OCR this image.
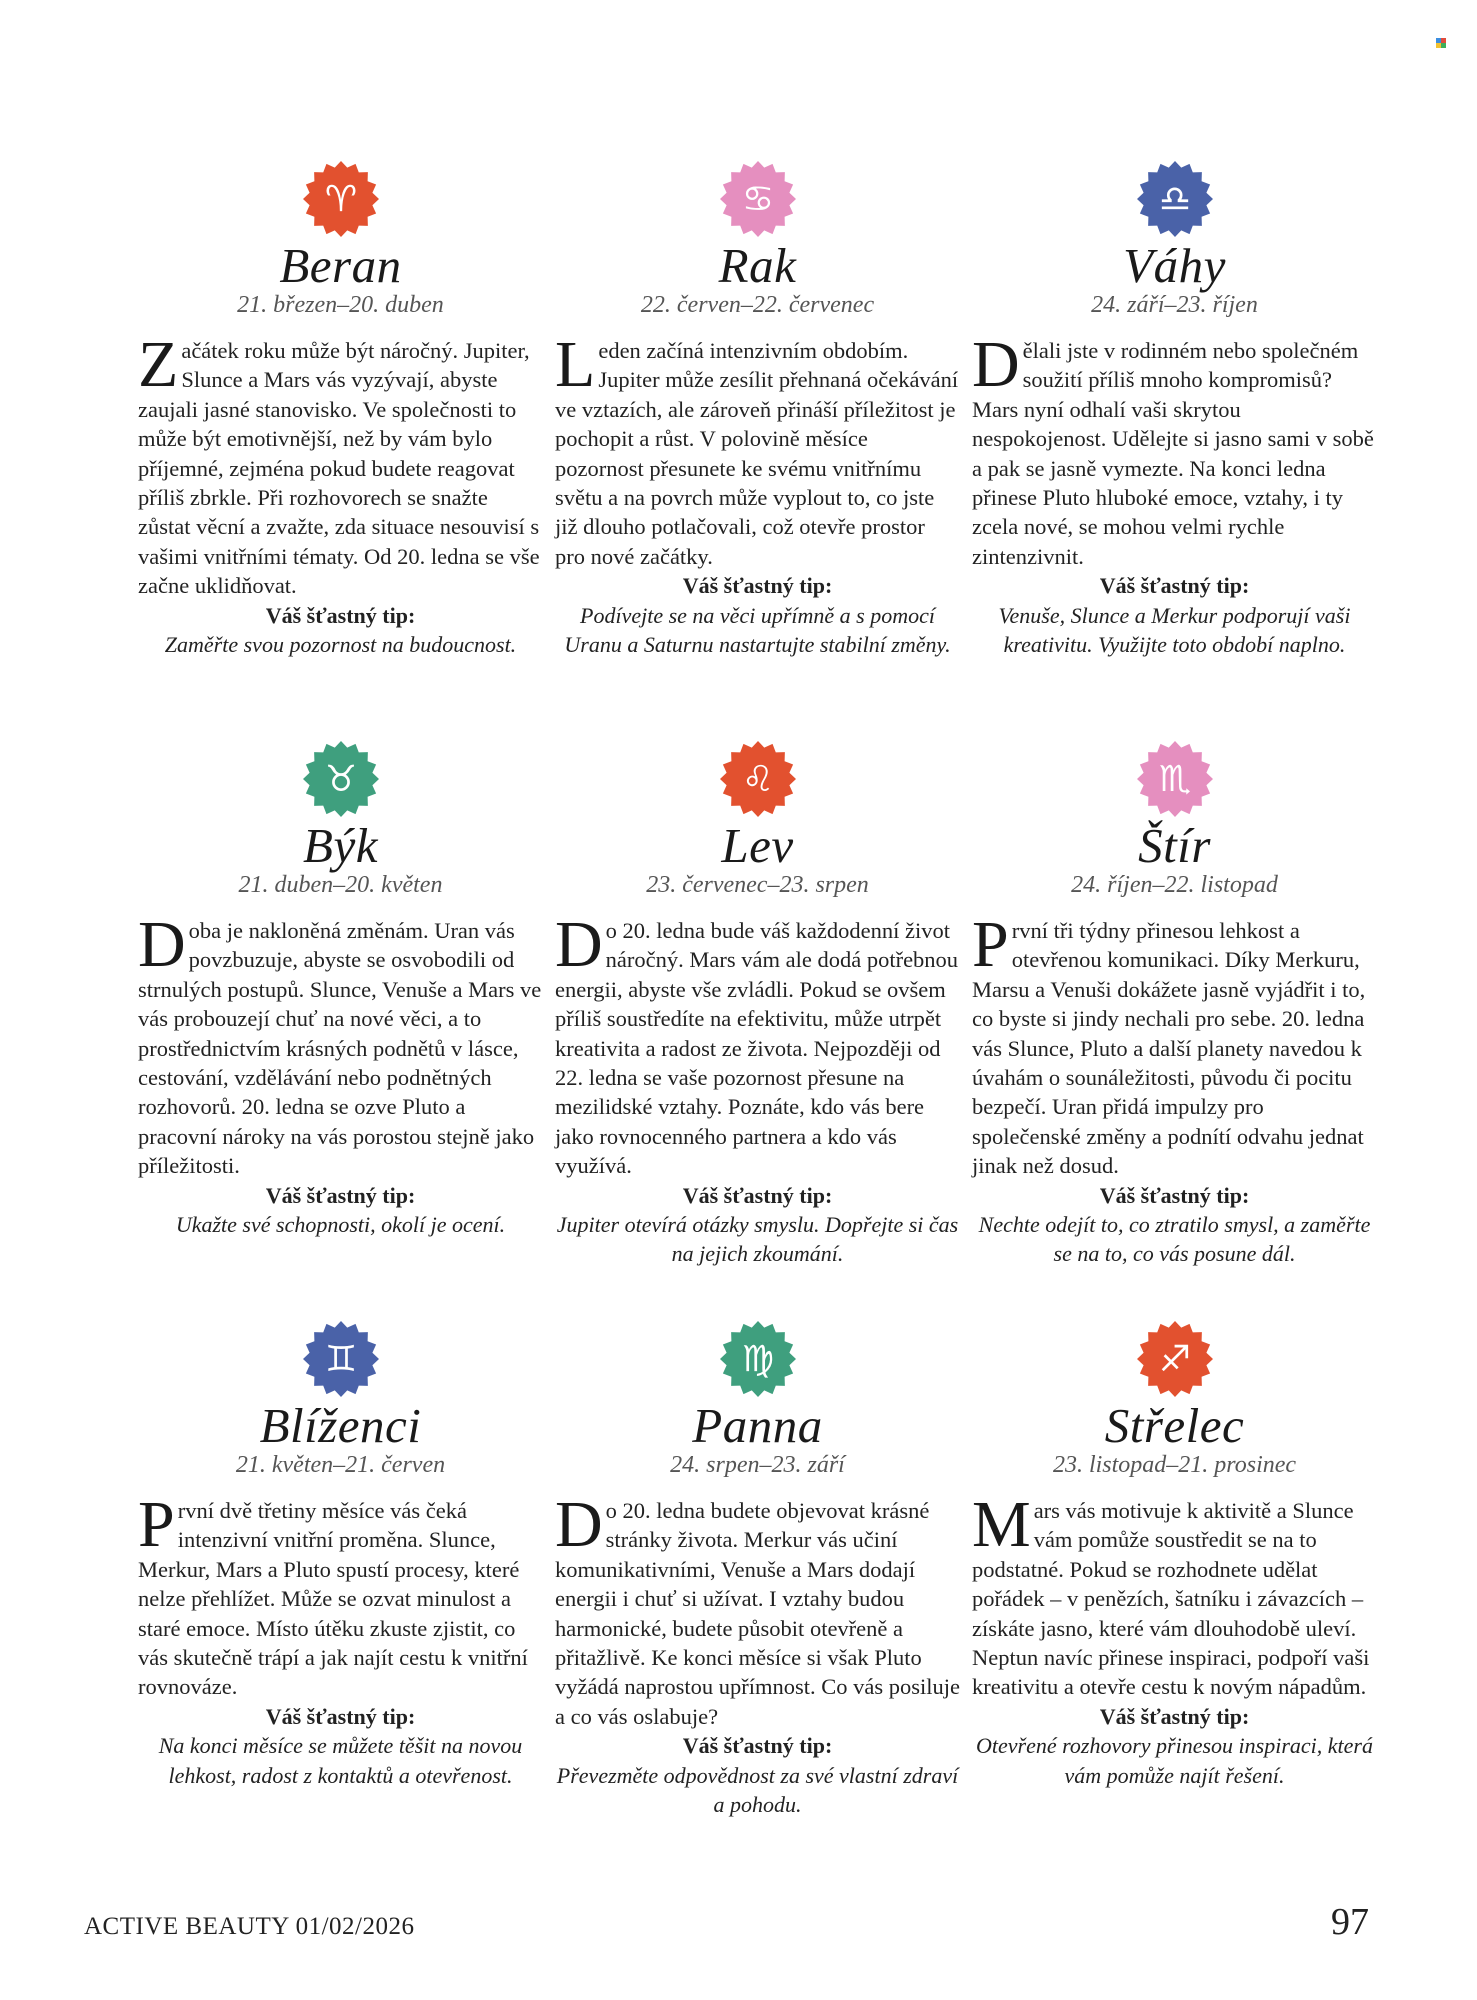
♈
Beran
21. březen–20. duben

Začátek roku může být náročný. Jupiter, Slunce a Mars vás vyzývají, abyste zaujali jasné stanovisko. Ve společnosti to může být emotivnější, než by vám bylo příjemné, zejména pokud budete reagovat příliš zbrkle. Při rozhovorech se snažte zůstat věcní a zvažte, zda situace nesouvisí s vašimi vnitřními tématy. Od 20. ledna se vše začne uklidňovat.

Váš šťastný tip:
Zaměřte svou pozornost na budoucnost.
♋
Rak
22. červen–22. červenec

Leden začíná intenzivním obdobím. Jupiter může zesílit přehnaná očekávání ve vztazích, ale zároveň přináší příležitost je pochopit a růst. V polovině měsíce pozornost přesunete ke svému vnitřnímu světu a na povrch může vyplout to, co jste již dlouho potlačovali, což otevře prostor pro nové začátky.

Váš šťastný tip:
Podívejte se na věci upřímně a s pomocí Uranu a Saturnu nastartujte stabilní změny.
♎
Váhy
24. září–23. říjen

Dělali jste v rodinném nebo společném soužití příliš mnoho kompromisů? Mars nyní odhalí vaši skrytou nespokojenost. Udělejte si jasno sami v sobě a pak se jasně vymezte. Na konci ledna přinese Pluto hluboké emoce, vztahy, i ty zcela nové, se mohou velmi rychle zintenzivnit.

Váš šťastný tip:
Venuše, Slunce a Merkur podporují vaši kreativitu. Využijte toto období naplno.
♉
Býk
21. duben–20. květen

Doba je nakloněná změnám. Uran vás povzbuzuje, abyste se osvobodili od strnulých postupů. Slunce, Venuše a Mars ve vás probouzejí chuť na nové věci, a to prostřednictvím krásných podnětů v lásce, cestování, vzdělávání nebo podnětných rozhovorů. 20. ledna se ozve Pluto a pracovní nároky na vás porostou stejně jako příležitosti.

Váš šťastný tip:
Ukažte své schopnosti, okolí je ocení.
♌
Lev
23. červenec–23. srpen

Do 20. ledna bude váš každodenní život náročný. Mars vám ale dodá potřebnou energii, abyste vše zvládli. Pokud se ovšem příliš soustředíte na efektivitu, může utrpět kreativita a radost ze života. Nejpozději od 22. ledna se vaše pozornost přesune na mezilidské vztahy. Poznáte, kdo vás bere jako rovnocenného partnera a kdo vás využívá.

Váš šťastný tip:
Jupiter otevírá otázky smyslu. Dopřejte si čas na jejich zkoumání.
♏
Štír
24. říjen–22. listopad

První tři týdny přinesou lehkost a otevřenou komunikaci. Díky Merkuru, Marsu a Venuši dokážete jasně vyjádřit i to, co byste si jindy nechali pro sebe. 20. ledna vás Slunce, Pluto a další planety navedou k úvahám o sounáležitosti, původu či pocitu bezpečí. Uran přidá impulzy pro společenské změny a podnítí odvahu jednat jinak než dosud.

Váš šťastný tip:
Nechte odejít to, co ztratilo smysl, a zaměřte se na to, co vás posune dál.
♊
Blíženci
21. květen–21. červen

První dvě třetiny měsíce vás čeká intenzivní vnitřní proměna. Slunce, Merkur, Mars a Pluto spustí procesy, které nelze přehlížet. Může se ozvat minulost a staré emoce. Místo útěku zkuste zjistit, co vás skutečně trápí a jak najít cestu k vnitřní rovnováze.

Váš šťastný tip:
Na konci měsíce se můžete těšit na novou lehkost, radost z kontaktů a otevřenost.
♍
Panna
24. srpen–23. září

Do 20. ledna budete objevovat krásné stránky života. Merkur vás učiní komunikativními, Venuše a Mars dodají energii i chuť si užívat. I vztahy budou harmonické, budete působit otevřeně a přitažlivě. Ke konci měsíce si však Pluto vyžádá naprostou upřímnost. Co vás posiluje a co vás oslabuje?

Váš šťastný tip:
Převezměte odpovědnost za své vlastní zdraví a pohodu.
♐
Střelec
23. listopad–21. prosinec

Mars vás motivuje k aktivitě a Slunce vám pomůže soustředit se na to podstatné. Pokud se rozhodnete udělat pořádek – v penězích, šatníku i závazcích – získáte jasno, které vám dlouhodobě uleví. Neptun navíc přinese inspiraci, podpoří vaši kreativitu a otevře cestu k novým nápadům.

Váš šťastný tip:
Otevřené rozhovory přinesou inspiraci, která vám pomůže najít řešení.
ACTIVE BEAUTY 01/02/2026	97
